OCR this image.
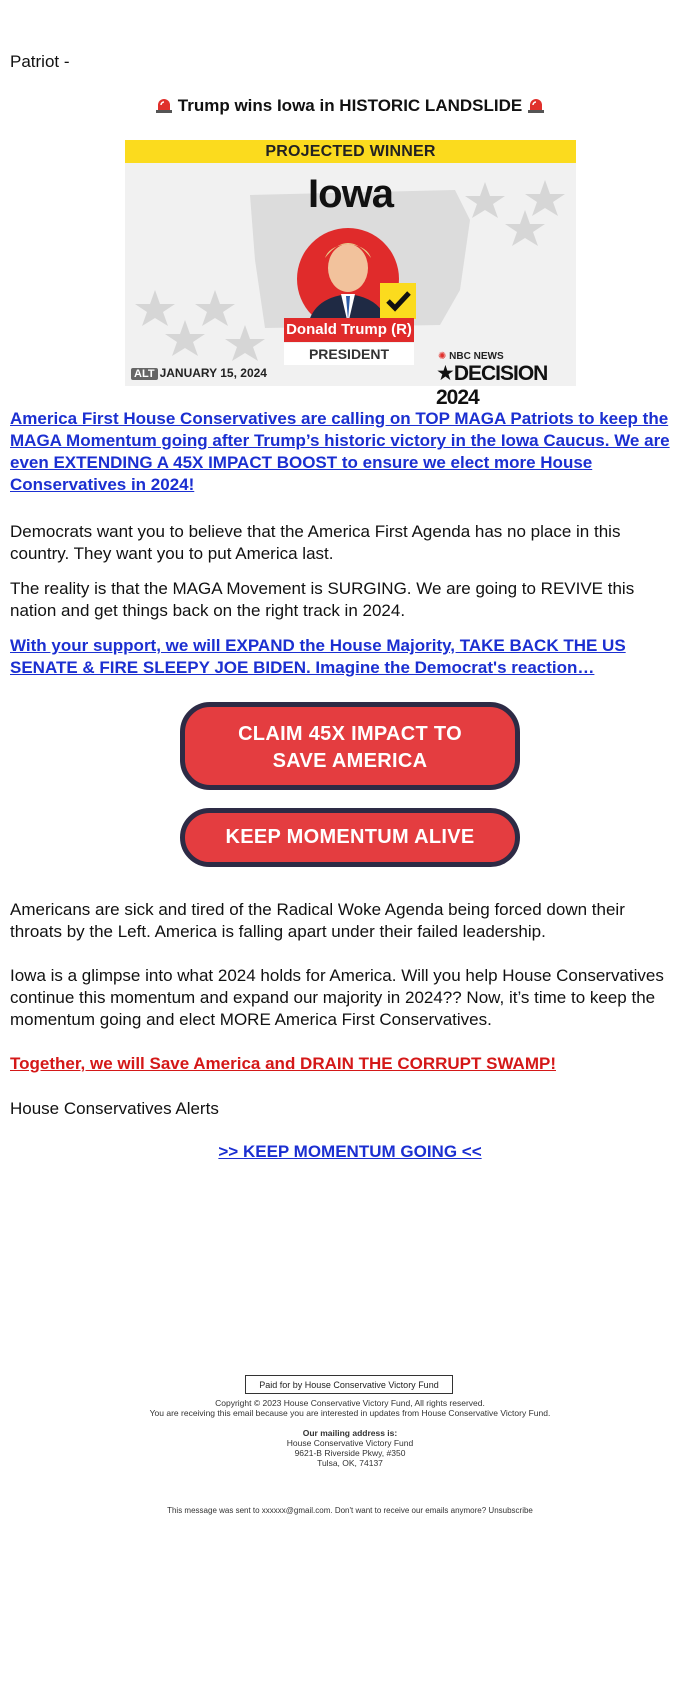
Patriot -
Trump wins Iowa in HISTORIC LANDSLIDE
PROJECTED WINNER
Iowa
Donald Trump (R)
PRESIDENT
ALT JANUARY 15, 2024
✺ NBC NEWS
★DECISION 2024
America First House Conservatives are calling on TOP MAGA Patriots to keep the MAGA Momentum going after Trump’s historic victory in the Iowa Caucus. We are even EXTENDING A 45X IMPACT BOOST to ensure we elect more House Conservatives in 2024!
Democrats want you to believe that the America First Agenda has no place in this country. They want you to put America last.
The reality is that the MAGA Movement is SURGING. We are going to REVIVE this nation and get things back on the right track in 2024.
With your support, we will EXPAND the House Majority, TAKE BACK THE US SENATE & FIRE SLEEPY JOE BIDEN. Imagine the Democrat's reaction…
CLAIM 45X IMPACT TO SAVE AMERICA
KEEP MOMENTUM ALIVE
Americans are sick and tired of the Radical Woke Agenda being forced down their throats by the Left. America is falling apart under their failed leadership.
Iowa is a glimpse into what 2024 holds for America. Will you help House Conservatives continue this momentum and expand our majority in 2024?? Now, it’s time to keep the momentum going and elect MORE America First Conservatives.
Together, we will Save America and DRAIN THE CORRUPT SWAMP!
House Conservatives Alerts
>> KEEP MOMENTUM GOING <<
Paid for by House Conservative Victory Fund
Copyright © 2023 House Conservative Victory Fund, All rights reserved.
You are receiving this email because you are interested in updates from House Conservative Victory Fund.
Our mailing address is:
House Conservative Victory Fund
9621-B Riverside Pkwy, #350
Tulsa, OK, 74137
This message was sent to xxxxxx@gmail.com. Don't want to receive our emails anymore? Unsubscribe
